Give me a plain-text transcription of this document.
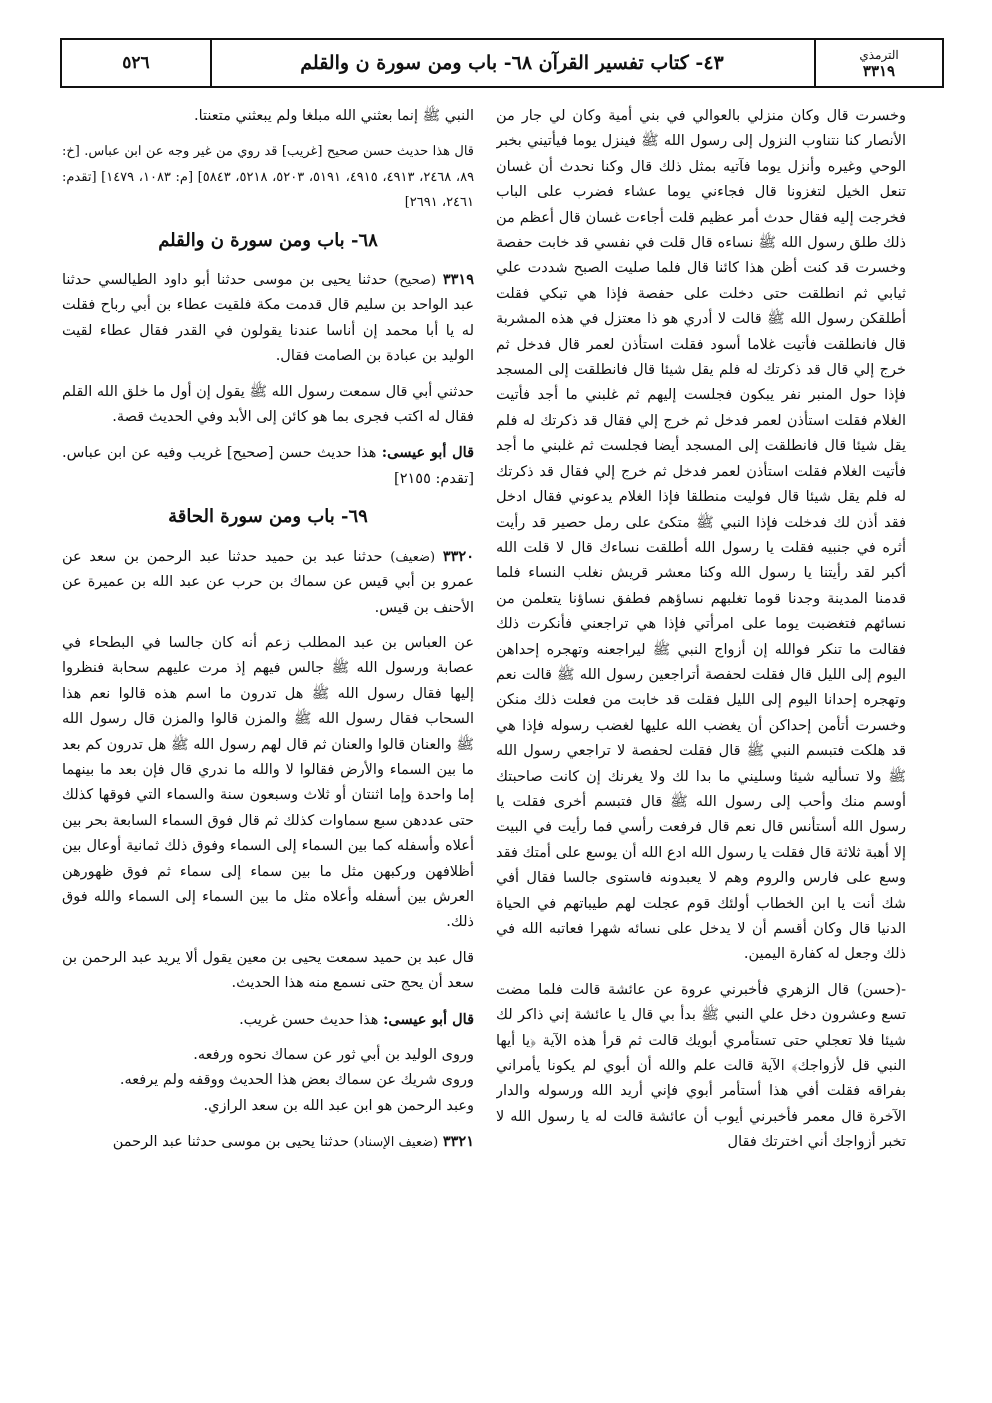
الترمذي
٣٣١٩
٤٣- كتاب تفسير القرآن ٦٨- باب ومن سورة ن والقلم
٥٢٦

وخسرت قال وكان منزلي بالعوالي في بني أمية وكان لي جار من الأنصار كنا نتناوب النزول إلى رسول الله ﷺ فينزل يوما فيأتيني بخبر الوحي وغيره وأنزل يوما فآتيه بمثل ذلك قال وكنا نحدث أن غسان تنعل الخيل لتغزونا قال فجاءني يوما عشاء فضرب على الباب فخرجت إليه فقال حدث أمر عظيم قلت أجاءت غسان قال أعظم من ذلك طلق رسول الله ﷺ نساءه قال قلت في نفسي قد خابت حفصة وخسرت قد كنت أظن هذا كائنا قال فلما صليت الصبح شددت علي ثيابي ثم انطلقت حتى دخلت على حفصة فإذا هي تبكي فقلت أطلقكن رسول الله ﷺ قالت لا أدري هو ذا معتزل في هذه المشربة قال فانطلقت فأتيت غلاما أسود فقلت استأذن لعمر قال فدخل ثم خرج إلي قال قد ذكرتك له فلم يقل شيئا قال فانطلقت إلى المسجد فإذا حول المنبر نفر يبكون فجلست إليهم ثم غلبني ما أجد فأتيت الغلام فقلت استأذن لعمر فدخل ثم خرج إلي فقال قد ذكرتك له فلم يقل شيئا قال فانطلقت إلى المسجد أيضا فجلست ثم غلبني ما أجد فأتيت الغلام فقلت استأذن لعمر فدخل ثم خرج إلي فقال قد ذكرتك له فلم يقل شيئا قال فوليت منطلقا فإذا الغلام يدعوني فقال ادخل فقد أذن لك فدخلت فإذا النبي ﷺ متكئ على رمل حصير قد رأيت أثره في جنبيه فقلت يا رسول الله أطلقت نساءك قال لا قلت الله أكبر لقد رأيتنا يا رسول الله وكنا معشر قريش نغلب النساء فلما قدمنا المدينة وجدنا قوما تغلبهم نساؤهم فطفق نساؤنا يتعلمن من نسائهم فتغضبت يوما على امرأتي فإذا هي تراجعني فأنكرت ذلك فقالت ما تنكر فوالله إن أزواج النبي ﷺ ليراجعنه وتهجره إحداهن اليوم إلى الليل قال فقلت لحفصة أتراجعين رسول الله ﷺ قالت نعم وتهجره إحدانا اليوم إلى الليل فقلت قد خابت من فعلت ذلك منكن وخسرت أتأمن إحداكن أن يغضب الله عليها لغضب رسوله فإذا هي قد هلكت فتبسم النبي ﷺ قال فقلت لحفصة لا تراجعي رسول الله ﷺ ولا تسأليه شيئا وسليني ما بدا لك ولا يغرنك إن كانت صاحبتك أوسم منك وأحب إلى رسول الله ﷺ قال فتبسم أخرى فقلت يا رسول الله أستأنس قال نعم قال فرفعت رأسي فما رأيت في البيت إلا أهبة ثلاثة قال فقلت يا رسول الله ادع الله أن يوسع على أمتك فقد وسع على فارس والروم وهم لا يعبدونه فاستوى جالسا فقال أفي شك أنت يا ابن الخطاب أولئك قوم عجلت لهم طيباتهم في الحياة الدنيا قال وكان أقسم أن لا يدخل على نسائه شهرا فعاتبه الله في ذلك وجعل له كفارة اليمين.

-(حسن) قال الزهري فأخبرني عروة عن عائشة قالت فلما مضت تسع وعشرون دخل علي النبي ﷺ بدأ بي قال يا عائشة إني ذاكر لك شيئا فلا تعجلي حتى تستأمري أبويك قالت ثم قرأ هذه الآية ﴿يا أيها النبي قل لأزواجك﴾ الآية قالت علم والله أن أبوي لم يكونا يأمراني بفراقه فقلت أفي هذا أستأمر أبوي فإني أريد الله ورسوله والدار الآخرة قال معمر فأخبرني أيوب أن عائشة قالت له يا رسول الله لا تخبر أزواجك أني اخترتك فقال

النبي ﷺ إنما بعثني الله مبلغا ولم يبعثني متعنتا.

قال هذا حديث حسن صحيح [غريب] قد روي من غير وجه عن ابن عباس. [خ: ٨٩، ٢٤٦٨، ٤٩١٣، ٤٩١٥، ٥١٩١، ٥٢٠٣، ٥٢١٨، ٥٨٤٣] [م: ١٠٨٣، ١٤٧٩] [تقدم: ٢٤٦١، ٢٦٩١]

٦٨- باب ومن سورة ن والقلم

٣٣١٩ (صحيح) حدثنا يحيى بن موسى حدثنا أبو داود الطيالسي حدثنا عبد الواحد بن سليم قال قدمت مكة فلقيت عطاء بن أبي رباح فقلت له يا أبا محمد إن أناسا عندنا يقولون في القدر فقال عطاء لقيت الوليد بن عبادة بن الصامت فقال.

حدثني أبي قال سمعت رسول الله ﷺ يقول إن أول ما خلق الله القلم فقال له اكتب فجرى بما هو كائن إلى الأبد وفي الحديث قصة.

قال أبو عيسى: هذا حديث حسن [صحيح] غريب وفيه عن ابن عباس. [تقدم: ٢١٥٥]

٦٩- باب ومن سورة الحاقة

٣٣٢٠ (ضعيف) حدثنا عبد بن حميد حدثنا عبد الرحمن بن سعد عن عمرو بن أبي قيس عن سماك بن حرب عن عبد الله بن عميرة عن الأحنف بن قيس.

عن العباس بن عبد المطلب زعم أنه كان جالسا في البطحاء في عصابة ورسول الله ﷺ جالس فيهم إذ مرت عليهم سحابة فنظروا إليها فقال رسول الله ﷺ هل تدرون ما اسم هذه قالوا نعم هذا السحاب فقال رسول الله ﷺ والمزن قالوا والمزن قال رسول الله ﷺ والعنان قالوا والعنان ثم قال لهم رسول الله ﷺ هل تدرون كم بعد ما بين السماء والأرض فقالوا لا والله ما ندري قال فإن بعد ما بينهما إما واحدة وإما اثنتان أو ثلاث وسبعون سنة والسماء التي فوقها كذلك حتى عددهن سبع سماوات كذلك ثم قال فوق السماء السابعة بحر بين أعلاه وأسفله كما بين السماء إلى السماء وفوق ذلك ثمانية أوعال بين أظلافهن وركبهن مثل ما بين سماء إلى سماء ثم فوق ظهورهن العرش بين أسفله وأعلاه مثل ما بين السماء إلى السماء والله فوق ذلك.

قال عبد بن حميد سمعت يحيى بن معين يقول ألا يريد عبد الرحمن بن سعد أن يحج حتى نسمع منه هذا الحديث.

قال أبو عيسى: هذا حديث حسن غريب.

وروى الوليد بن أبي ثور عن سماك نحوه ورفعه.

وروى شريك عن سماك بعض هذا الحديث ووقفه ولم يرفعه.

وعبد الرحمن هو ابن عبد الله بن سعد الرازي.

٣٣٢١ (ضعيف الإسناد) حدثنا يحيى بن موسى حدثنا عبد الرحمن
